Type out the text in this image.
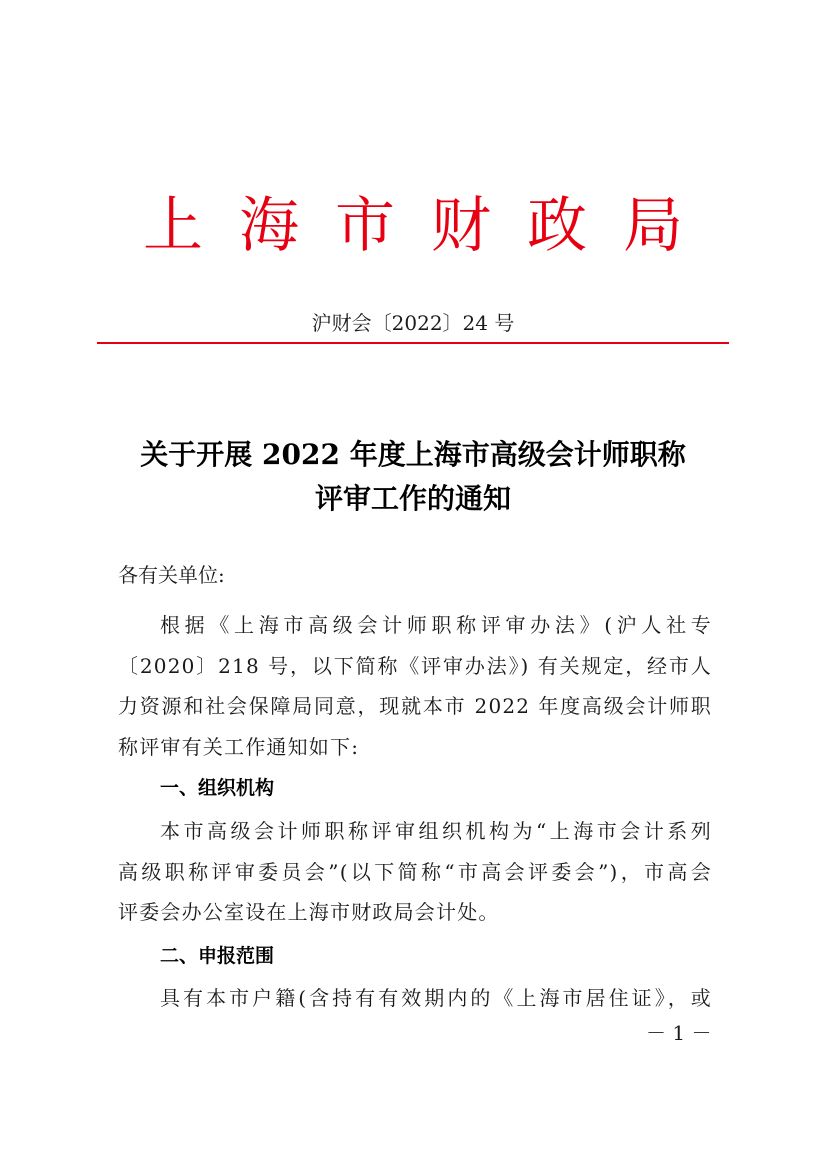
上海市财政局
沪财会〔2022〕24 号
关于开展 2022 年度上海市高级会计师职称
评审工作的通知
各有关单位:
根据《上海市高级会计师职称评审办法》(沪人社专
〔2020〕218 号，以下简称《评审办法》) 有关规定，经市人
力资源和社会保障局同意，现就本市 2022 年度高级会计师职
称评审有关工作通知如下:
一、组织机构
本市高级会计师职称评审组织机构为“上海市会计系列
高级职称评审委员会”(以下简称“市高会评委会”)，市高会
评委会办公室设在上海市财政局会计处。
二、申报范围
具有本市户籍(含持有有效期内的《上海市居住证》，或
－ 1 －
